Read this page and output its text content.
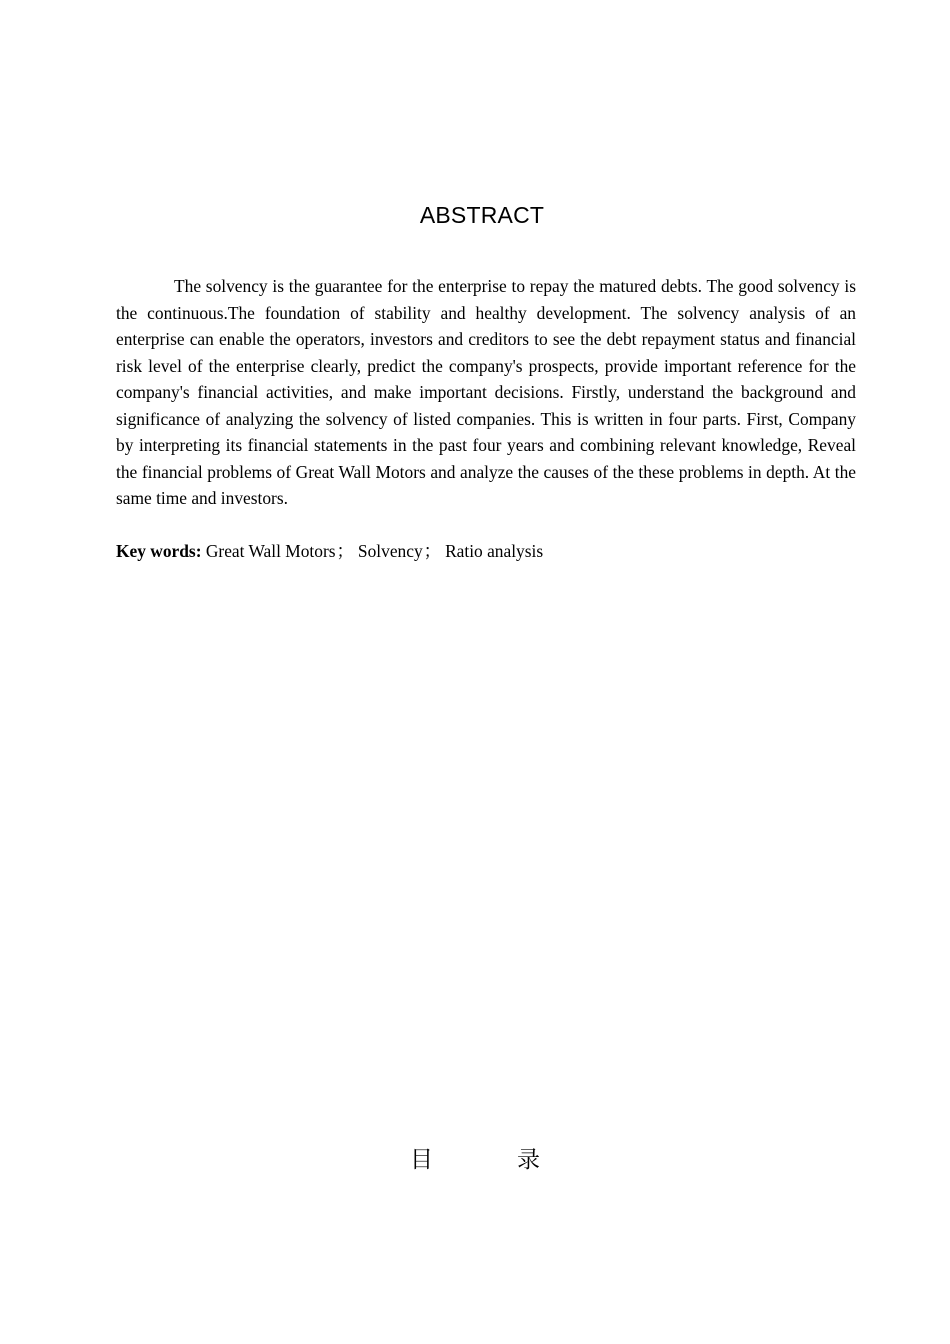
ABSTRACT

The solvency is the guarantee for the enterprise to repay the matured debts. The good solvency is the continuous.The foundation of stability and healthy development. The solvency analysis of an enterprise can enable the operators, investors and creditors to see the debt repayment status and financial risk level of the enterprise clearly, predict the company's prospects, provide important reference for the company's financial activities, and make important decisions. Firstly, understand the background and significance of analyzing the solvency of listed companies. This is written in four parts. First, Company by interpreting its financial statements in the past four years and combining relevant knowledge, Reveal the financial problems of Great Wall Motors and analyze the causes of the these problems in depth. At the same time and investors.

Key words: Great Wall Motors； Solvency； Ratio analysis
目	录
